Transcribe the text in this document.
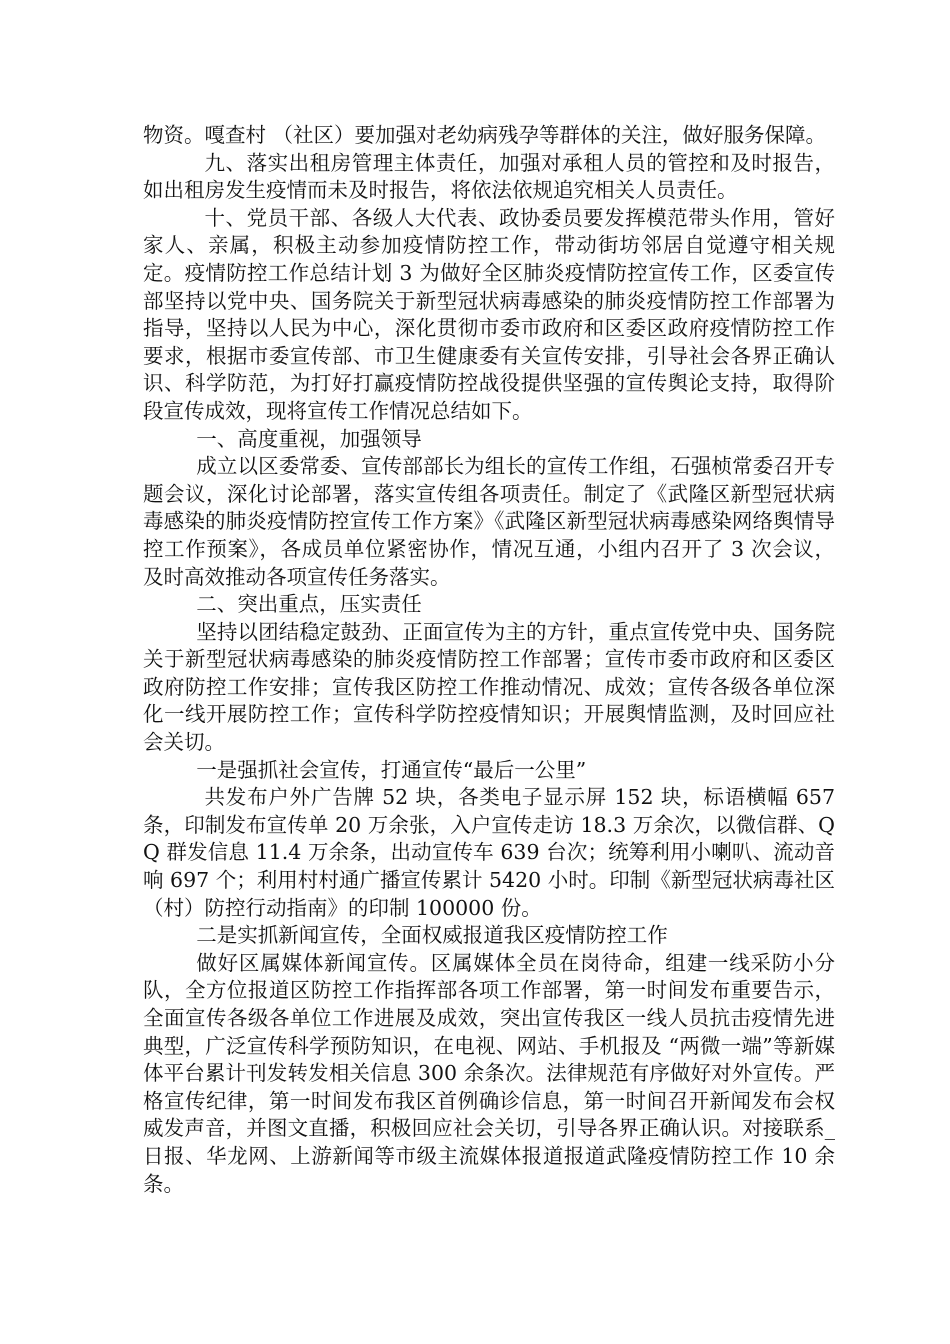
物资。嘎查村 （社区）要加强对老幼病残孕等群体的关注，做好服务保障。

九、落实出租房管理主体责任，加强对承租人员的管控和及时报告，如出租房发生疫情而未及时报告，将依法依规追究相关人员责任。

十、党员干部、各级人大代表、政协委员要发挥模范带头作用，管好家人、亲属，积极主动参加疫情防控工作，带动街坊邻居自觉遵守相关规定。疫情防控工作总结计划 3 为做好全区肺炎疫情防控宣传工作，区委宣传部坚持以党中央、国务院关于新型冠状病毒感染的肺炎疫情防控工作部署为指导，坚持以人民为中心，深化贯彻市委市政府和区委区政府疫情防控工作要求，根据市委宣传部、市卫生健康委有关宣传安排，引导社会各界正确认识、科学防范，为打好打赢疫情防控战役提供坚强的宣传舆论支持，取得阶段宣传成效，现将宣传工作情况总结如下。

一、高度重视，加强领导

成立以区委常委、宣传部部长为组长的宣传工作组，石强桢常委召开专题会议，深化讨论部署，落实宣传组各项责任。制定了《武隆区新型冠状病毒感染的肺炎疫情防控宣传工作方案》《武隆区新型冠状病毒感染网络舆情导控工作预案》，各成员单位紧密协作，情况互通，小组内召开了 3 次会议，及时高效推动各项宣传任务落实。

二、突出重点，压实责任

坚持以团结稳定鼓劲、正面宣传为主的方针，重点宣传党中央、国务院关于新型冠状病毒感染的肺炎疫情防控工作部署；宣传市委市政府和区委区政府防控工作安排；宣传我区防控工作推动情况、成效；宣传各级各单位深化一线开展防控工作；宣传科学防控疫情知识；开展舆情监测，及时回应社会关切。

一是强抓社会宣传，打通宣传“最后一公里”

共发布户外广告牌 52 块，各类电子显示屏 152 块，标语横幅 657 条，印制发布宣传单 20 万余张，入户宣传走访 18.3 万余次，以微信群、QQ 群发信息 11.4 万余条，出动宣传车 639 台次；统筹利用小喇叭、流动音响 697 个；利用村村通广播宣传累计 5420 小时。印制《新型冠状病毒社区（村）防控行动指南》的印制 100000 份。

二是实抓新闻宣传，全面权威报道我区疫情防控工作

做好区属媒体新闻宣传。区属媒体全员在岗待命，组建一线采防小分队，全方位报道区防控工作指挥部各项工作部署，第一时间发布重要告示，全面宣传各级各单位工作进展及成效，突出宣传我区一线人员抗击疫情先进典型，广泛宣传科学预防知识，在电视、网站、手机报及 “两微一端”等新媒体平台累计刊发转发相关信息 300 余条次。法律规范有序做好对外宣传。严格宣传纪律，第一时间发布我区首例确诊信息，第一时间召开新闻发布会权威发声音，并图文直播，积极回应社会关切，引导各界正确认识。对接联系_日报、华龙网、上游新闻等市级主流媒体报道报道武隆疫情防控工作 10 余条。
